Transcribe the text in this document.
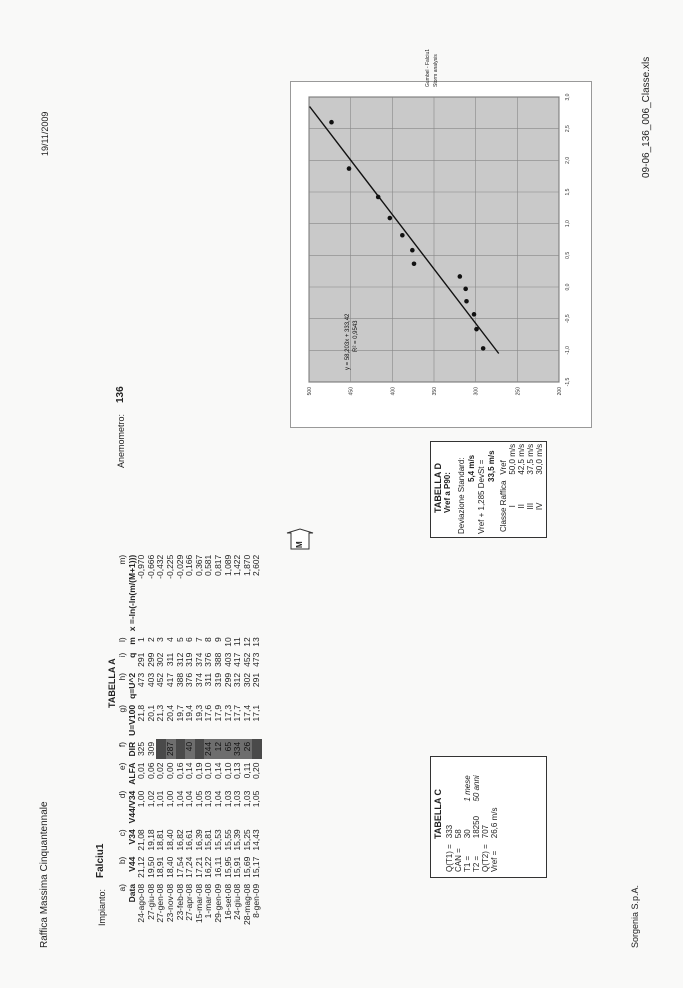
Raffica Massima Cinquantennale
09-06_136_006_Classe.xls
Impianto:
Falciu1
Anemometro:
136
TABELLA A
a)	b)	c)	d)	e)	f)	g)	h)	i)	l)	m)
Data	V44	V34	V44/V34	ALFA	DIR	U=V100	q=U^2	q	m	x =-ln(-ln(m/(M+1)))
24-ago-08	21,12	21,08	1,00	0,01	325	21,8	473	291	1	-0,970
27-giu-08	19,50	19,18	1,02	0,06	309	20,1	403	299	2	-0,666
27-gen-08	18,91	18,81	1,01	0,02		21,3	452	302	3	-0,432
23-nov-08	18,40	18,40	1,00	0,00	287	20,4	417	311	4	-0,225
23-feb-08	17,54	16,82	1,04	0,16		19,7	388	312	5	-0,029
27-apr-08	17,24	16,61	1,04	0,14	40	19,4	376	319	6	0,166
15-mar-08	17,21	16,39	1,05	0,19		19,3	374	374	7	0,367
1-mar-08	16,22	15,81	1,03	0,10	244	17,6	311	376	8	0,581
29-gen-09	16,11	15,53	1,04	0,14	12	17,9	319	388	9	0,817
16-set-08	15,95	15,55	1,03	0,10	65	17,3	299	403	10	1,089
24-giu-08	15,91	15,39	1,03	0,13	334	17,7	312	417	11	1,422
28-mag-08	15,69	15,25	1,03	0,11	26	17,4	302	452	12	1,870
8-gen-09	15,17	14,43	1,05	0,20		17,1	291	473	13	2,602
M
TABELLA C
Q(T1) =	333	
CAN =	58	
T1 =	30	1 mese
T2 =	18250	50 anni
Q(T2) =	707	
Vref =	26,6 m/s	
TABELLA D Vref a P90: Deviazione Standard: 5,4 m/s Vref + 1,285 DevSt = 33,5 m/s
Classe Raffica	Vref
I	50,0 m/s
II	42,5 m/s
III	37,5 m/s
IV	30,0 m/s

-1,5
-1,0
-0,5
0,0
0,5
1,0
1,5
2,0
2,5
3,0
200
250
300
350
400
450
500
y = 58,203x + 333,42 R² = 0,9543
Gumbel - Falciu1 Storm analysis
Sorgenia S.p.A.
19/11/2009
